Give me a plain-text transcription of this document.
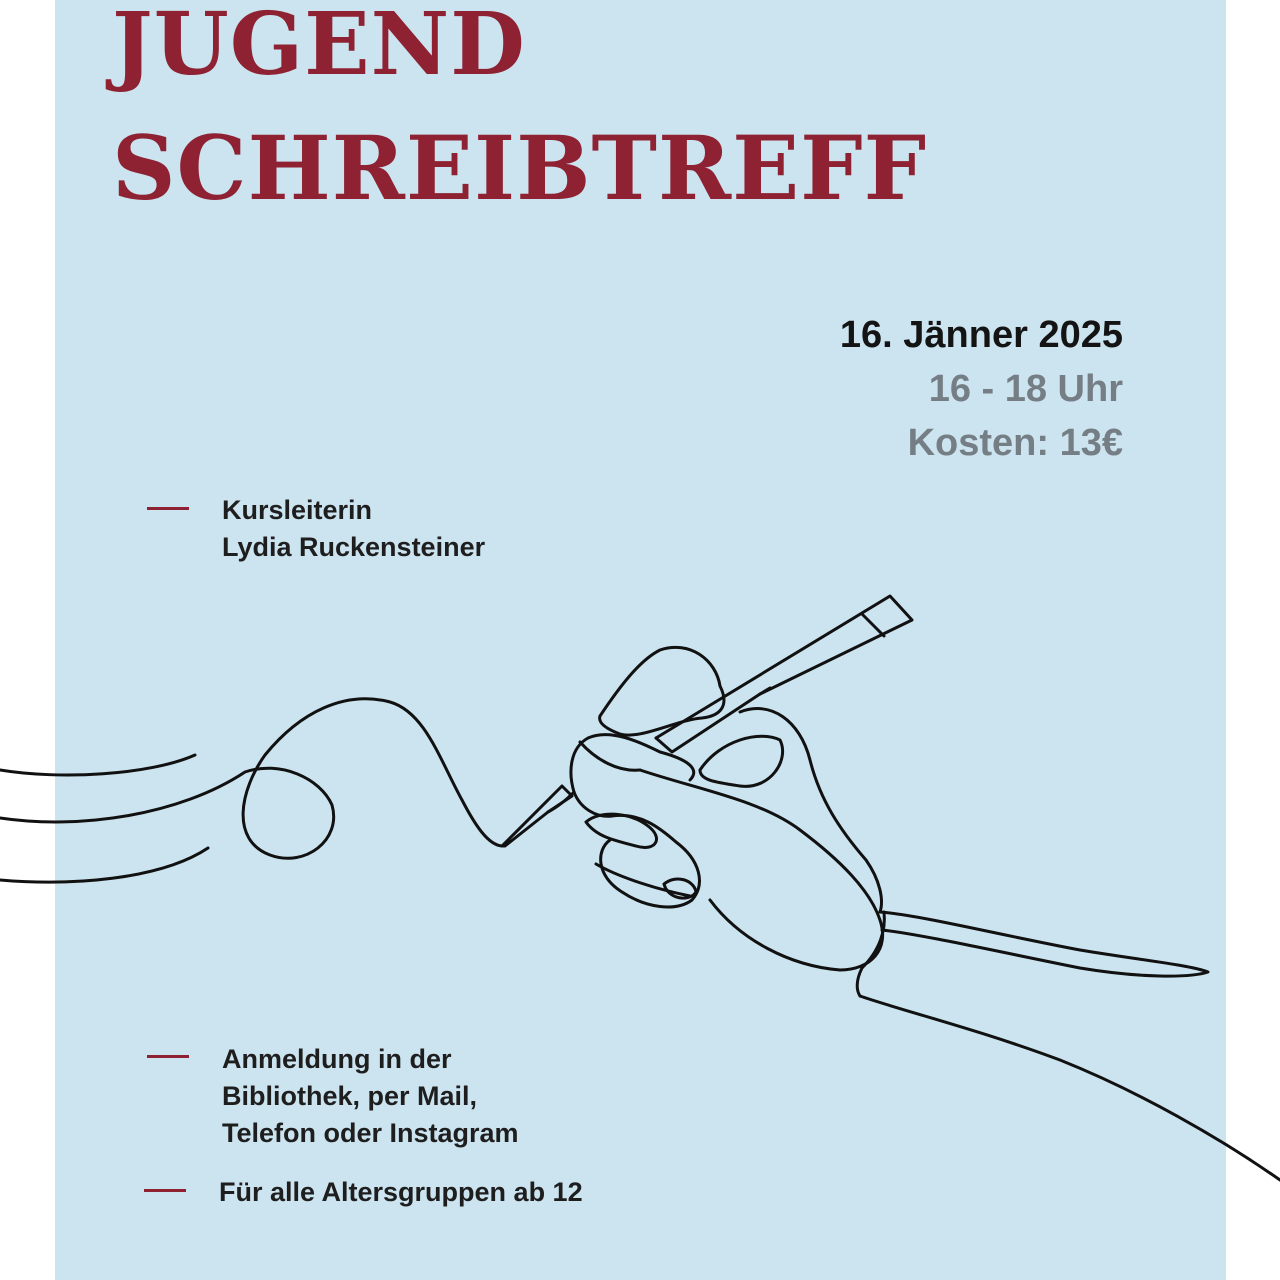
JUGEND
SCHREIBTREFF
16. Jänner 2025
16 - 18 Uhr
Kosten: 13€
Kursleiterin
Lydia Ruckensteiner
Anmeldung in der
Bibliothek, per Mail,
Telefon oder Instagram
Für alle Altersgruppen ab 12
